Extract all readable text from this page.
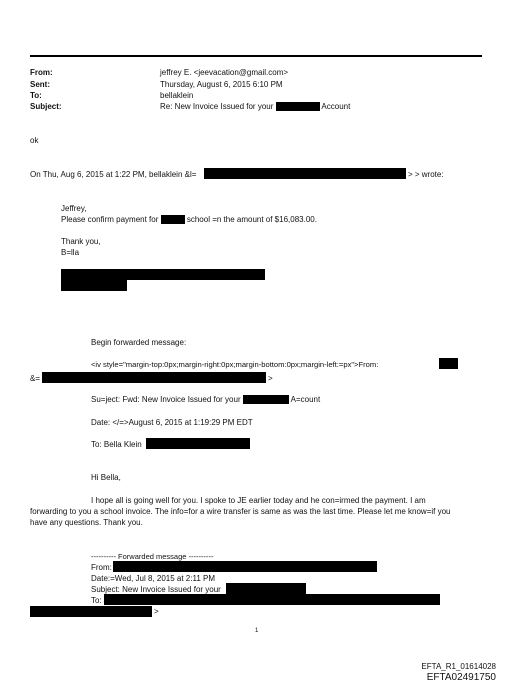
From:	jeffrey E. <jeevacation@gmail.com>
Sent:	Thursday, August 6, 2015 6:10 PM
To:	bellaklein
Subject:	Re: New Invoice Issued for your	Account
ok
On Thu, Aug 6, 2015 at 1:22 PM, bellaklein &l=	> > wrote:
Jeffrey,
Please confirm payment for	school =n the amount of $16,083.00.
Thank you,
B=lla
Begin forwarded message:
<iv style="margin-top:0px;margin-right:0px;margin-bottom:0px;margin-left:=px">From:
&=	>
Su=ject: Fwd: New Invoice Issued for your	A=count
Date: </=>August 6, 2015 at 1:19:29 PM EDT
To: Bella Klein
Hi Bella,
I hope all is going well for you. I spoke to JE earlier today and he con=irmed the payment. I am
forwarding to you a school invoice. The info=for a wire transfer is same as was the last time. Please let me know=if you
have any questions. Thank you.
---------- Forwarded message ----------
From:
Date:=Wed, Jul 8, 2015 at 2:11 PM
Subject: New Invoice Issued for your
To:
>
1
EFTA_R1_01614028
EFTA02491750
